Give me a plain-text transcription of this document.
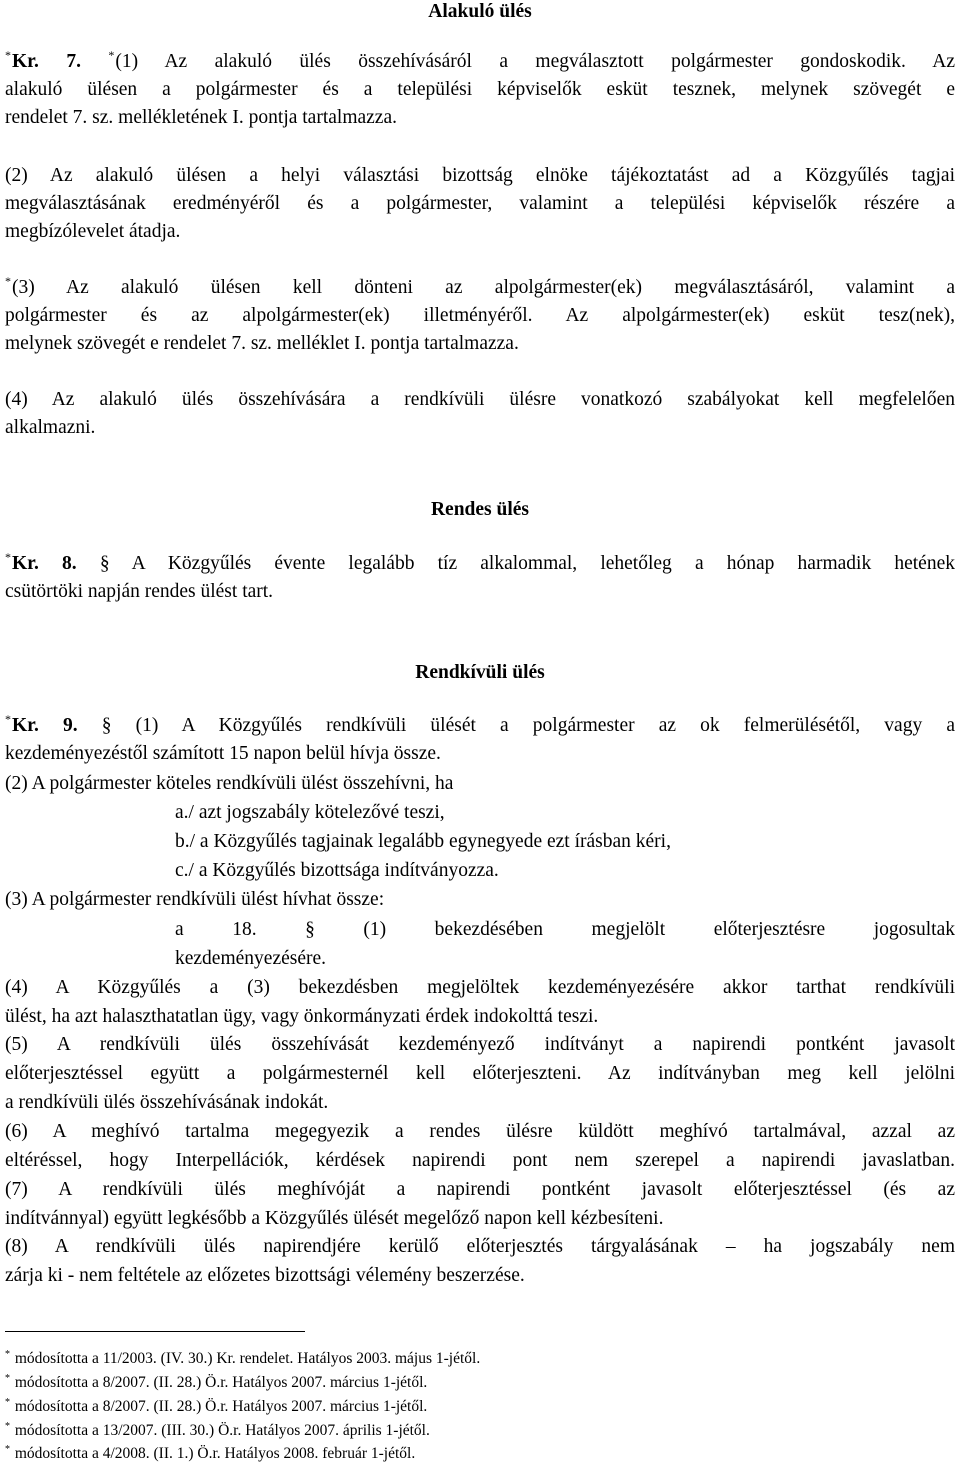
Alakuló ülés
*Kr. 7. *(1) Az alakuló ülés összehívásáról a megválasztott polgármester gondoskodik. Az
alakuló ülésen a polgármester és a települési képviselők esküt tesznek, melynek szövegét e
rendelet 7. sz. mellékletének I. pontja tartalmazza.
(2) Az alakuló ülésen a helyi választási bizottság elnöke tájékoztatást ad a Közgyűlés tagjai
megválasztásának eredményéről és a polgármester, valamint a települési képviselők részére a
megbízólevelet átadja.
*(3) Az alakuló ülésen kell dönteni az alpolgármester(ek) megválasztásáról, valamint a
polgármester és az alpolgármester(ek) illetményéről. Az alpolgármester(ek) esküt tesz(nek),
melynek szövegét e rendelet 7. sz. melléklet I. pontja tartalmazza.
(4) Az alakuló ülés összehívására a rendkívüli ülésre vonatkozó szabályokat kell megfelelően
alkalmazni.
Rendes ülés
*Kr. 8. § A Közgyűlés évente legalább tíz alkalommal, lehetőleg a hónap harmadik hetének
csütörtöki napján rendes ülést tart.
Rendkívüli ülés
*Kr. 9. § (1) A Közgyűlés rendkívüli ülését a polgármester az ok felmerülésétől, vagy a
kezdeményezéstől számított 15 napon belül hívja össze.
(2) A polgármester köteles rendkívüli ülést összehívni, ha
a./ azt jogszabály kötelezővé teszi,
b./ a Közgyűlés tagjainak legalább egynegyede ezt írásban kéri,
c./ a Közgyűlés bizottsága indítványozza.
(3) A polgármester rendkívüli ülést hívhat össze:
a 18. § (1) bekezdésében megjelölt előterjesztésre jogosultak
kezdeményezésére.
(4) A Közgyűlés a (3) bekezdésben megjelöltek kezdeményezésére akkor tarthat rendkívüli
ülést, ha azt halaszthatatlan ügy, vagy önkormányzati érdek indokolttá teszi.
(5) A rendkívüli ülés összehívását kezdeményező indítványt a napirendi pontként javasolt
előterjesztéssel együtt a polgármesternél kell előterjeszteni. Az indítványban meg kell jelölni
a rendkívüli ülés összehívásának indokát.
(6) A meghívó tartalma megegyezik a rendes ülésre küldött meghívó tartalmával, azzal az
eltéréssel, hogy Interpellációk, kérdések napirendi pont nem szerepel a napirendi javaslatban.
(7) A rendkívüli ülés meghívóját a napirendi pontként javasolt előterjesztéssel (és az
indítvánnyal) együtt legkésőbb a Közgyűlés ülését megelőző napon kell kézbesíteni.
(8) A rendkívüli ülés napirendjére kerülő előterjesztés tárgyalásának – ha jogszabály nem
zárja ki - nem feltétele az előzetes bizottsági vélemény beszerzése.
* módosította a 11/2003. (IV. 30.) Kr. rendelet. Hatályos 2003. május 1-jétől.
* módosította a 8/2007. (II. 28.) Ö.r. Hatályos 2007. március 1-jétől.
* módosította a 8/2007. (II. 28.) Ö.r. Hatályos 2007. március 1-jétől.
* módosította a 13/2007. (III. 30.) Ö.r. Hatályos 2007. április 1-jétől.
* módosította a 4/2008. (II. 1.) Ö.r. Hatályos 2008. február 1-jétől.
